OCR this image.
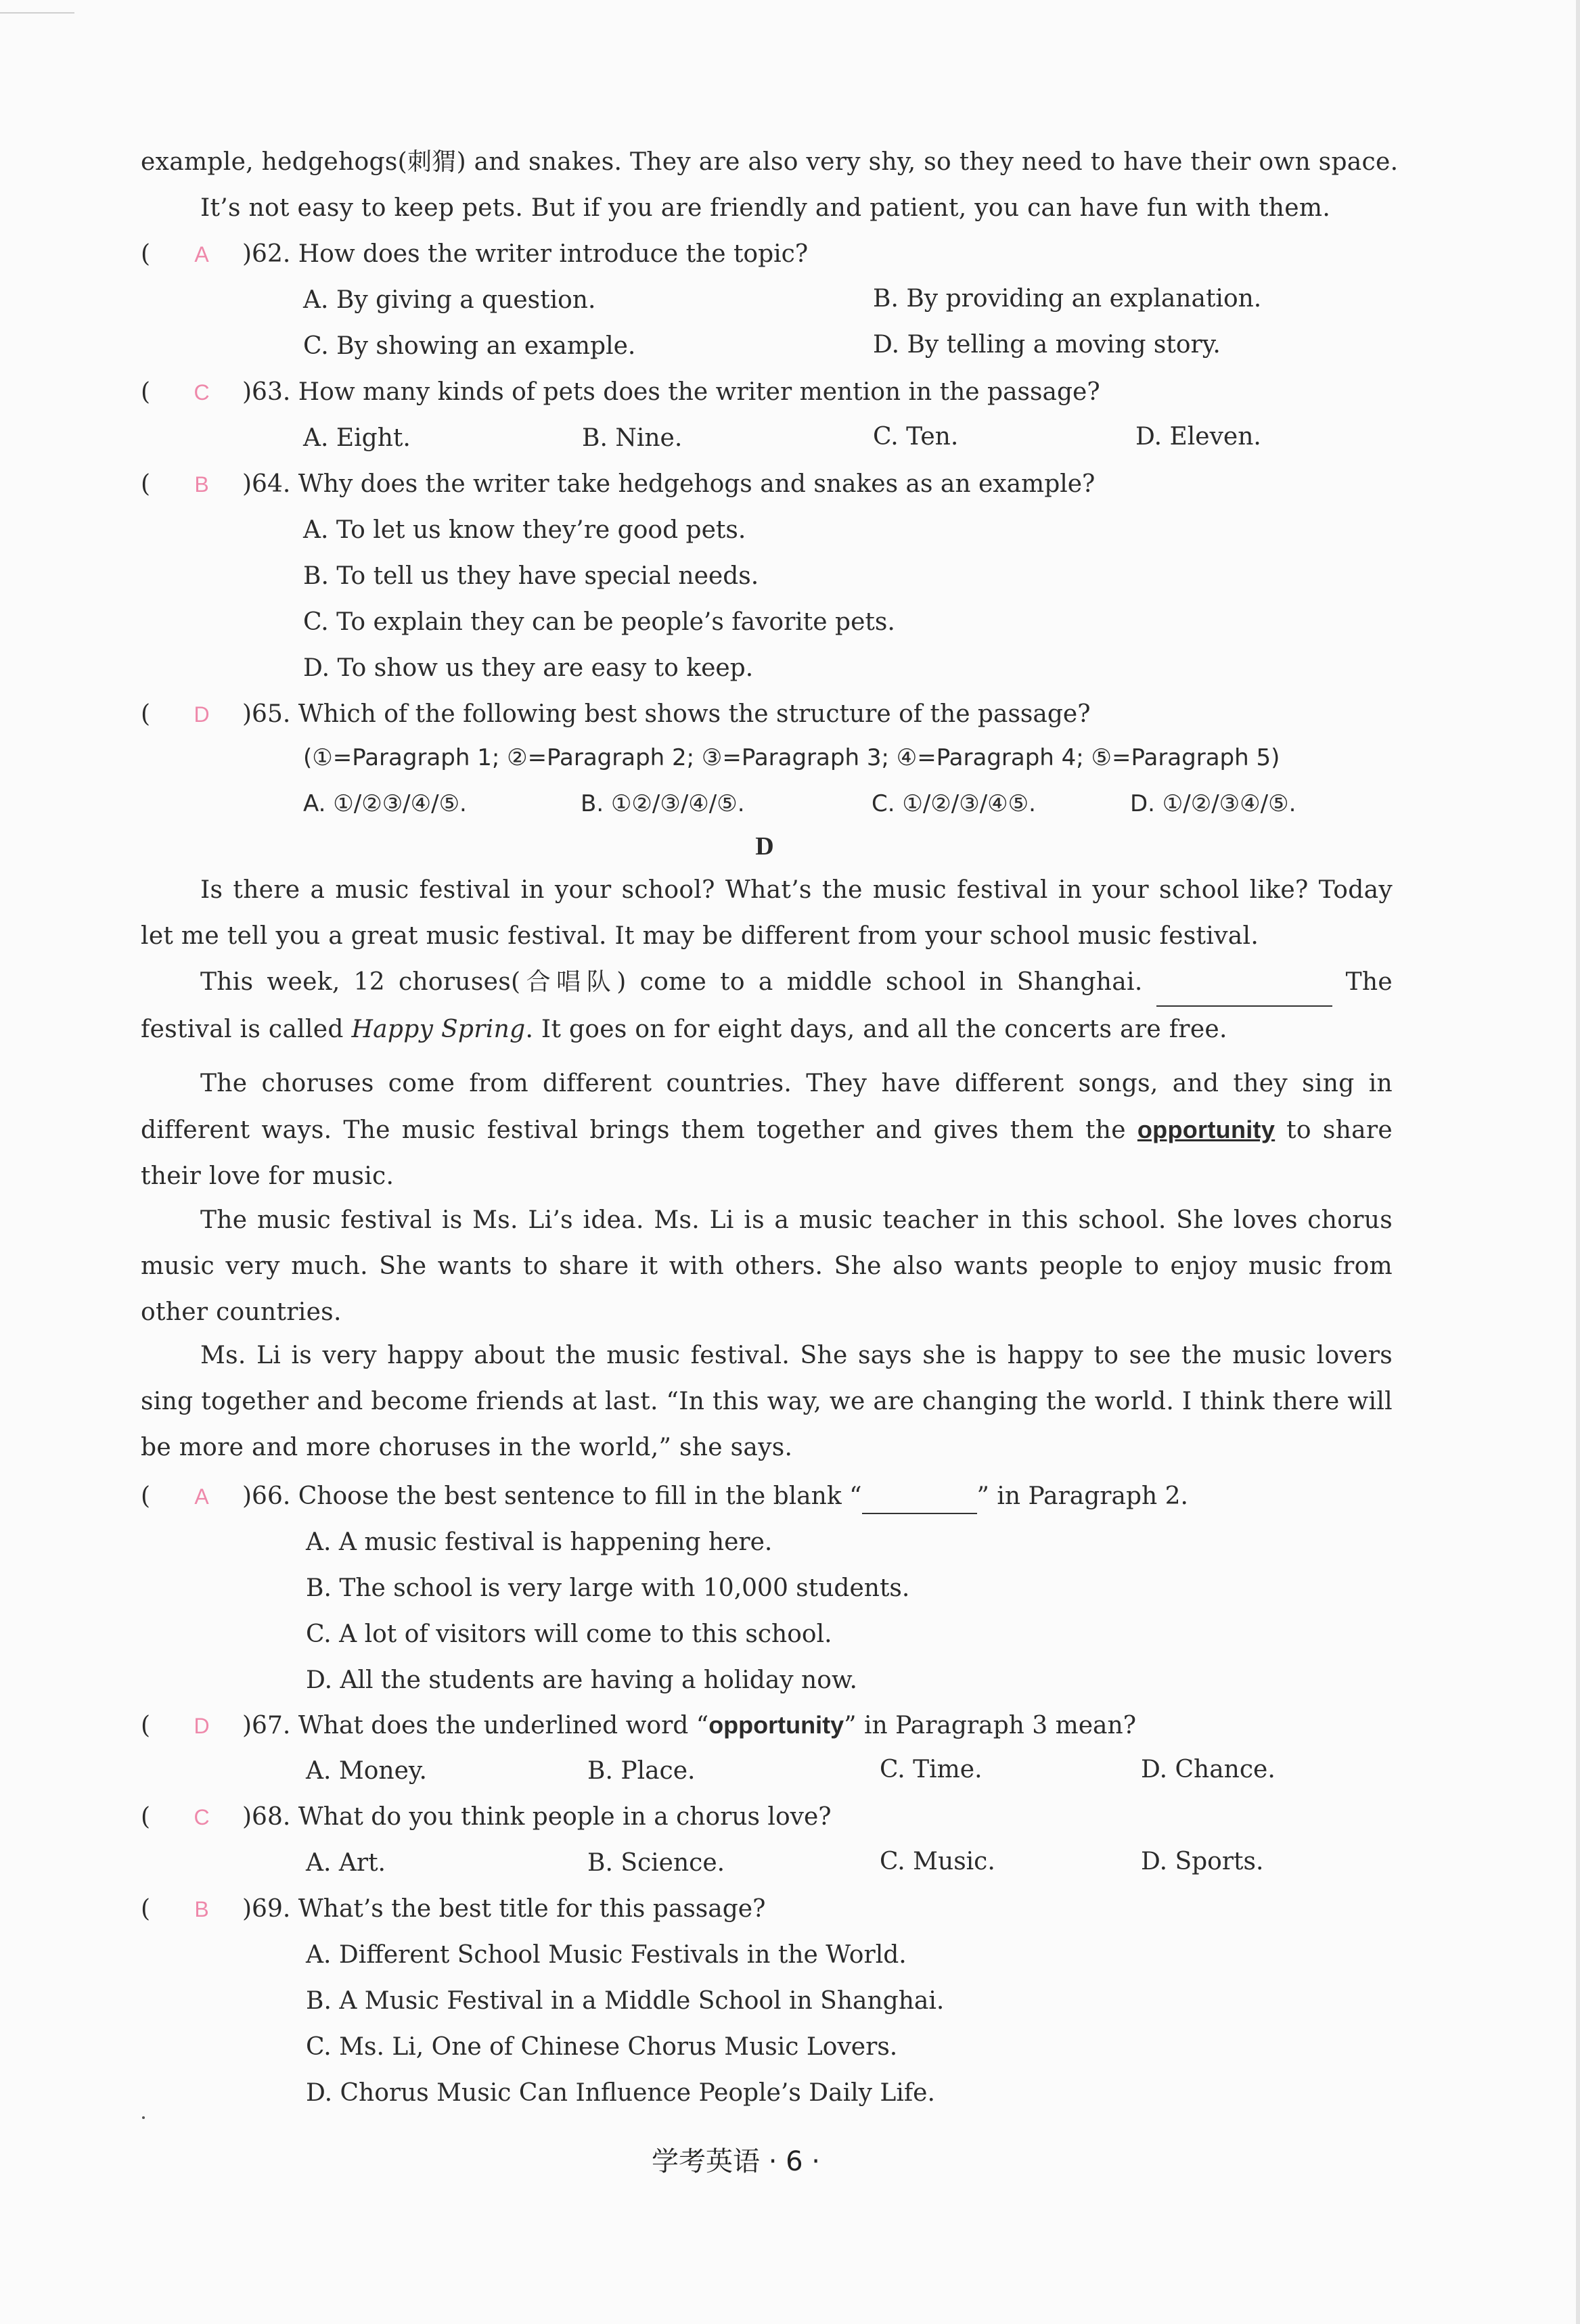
example, hedgehogs(刺猬) and snakes. They are also very shy, so they need to have their own space.
It’s not easy to keep pets. But if you are friendly and patient, you can have fun with them.
( A )62. How does the writer introduce the topic?
A. By giving a question.	B. By providing an explanation.
C. By showing an example.	D. By telling a moving story.
( C )63. How many kinds of pets does the writer mention in the passage?
A. Eight.	B. Nine.	C. Ten.	D. Eleven.
( B )64. Why does the writer take hedgehogs and snakes as an example?
A. To let us know they’re good pets.
B. To tell us they have special needs.
C. To explain they can be people’s favorite pets.
D. To show us they are easy to keep.
( D )65. Which of the following best shows the structure of the passage?
(①=Paragraph 1; ②=Paragraph 2; ③=Paragraph 3; ④=Paragraph 4; ⑤=Paragraph 5)
A. ①/②③/④/⑤.	B. ①②/③/④/⑤.	C. ①/②/③/④⑤.	D. ①/②/③④/⑤.
D
Is there a music festival in your school? What’s the music festival in your school like? Today let me tell you a great music festival. It may be different from your school music festival.
This week, 12 choruses(合唱队) come to a middle school in Shanghai.	The festival is called Happy Spring. It goes on for eight days, and all the concerts are free.
The choruses come from different countries. They have different songs, and they sing in different ways. The music festival brings them together and gives them the opportunity to share their love for music.
The music festival is Ms. Li’s idea. Ms. Li is a music teacher in this school. She loves chorus music very much. She wants to share it with others. She also wants people to enjoy music from other countries.
Ms. Li is very happy about the music festival. She says she is happy to see the music lovers sing together and become friends at last. “In this way, we are changing the world. I think there will be more and more choruses in the world,” she says.
( A )66. Choose the best sentence to fill in the blank “	” in Paragraph 2.
A. A music festival is happening here.
B. The school is very large with 10,000 students.
C. A lot of visitors will come to this school.
D. All the students are having a holiday now.
( D )67. What does the underlined word “opportunity” in Paragraph 3 mean?
A. Money.	B. Place.	C. Time.	D. Chance.
( C )68. What do you think people in a chorus love?
A. Art.	B. Science.	C. Music.	D. Sports.
( B )69. What’s the best title for this passage?
A. Different School Music Festivals in the World.
B. A Music Festival in a Middle School in Shanghai.
C. Ms. Li, One of Chinese Chorus Music Lovers.
D. Chorus Music Can Influence People’s Daily Life.
学考英语 · 6 ·
